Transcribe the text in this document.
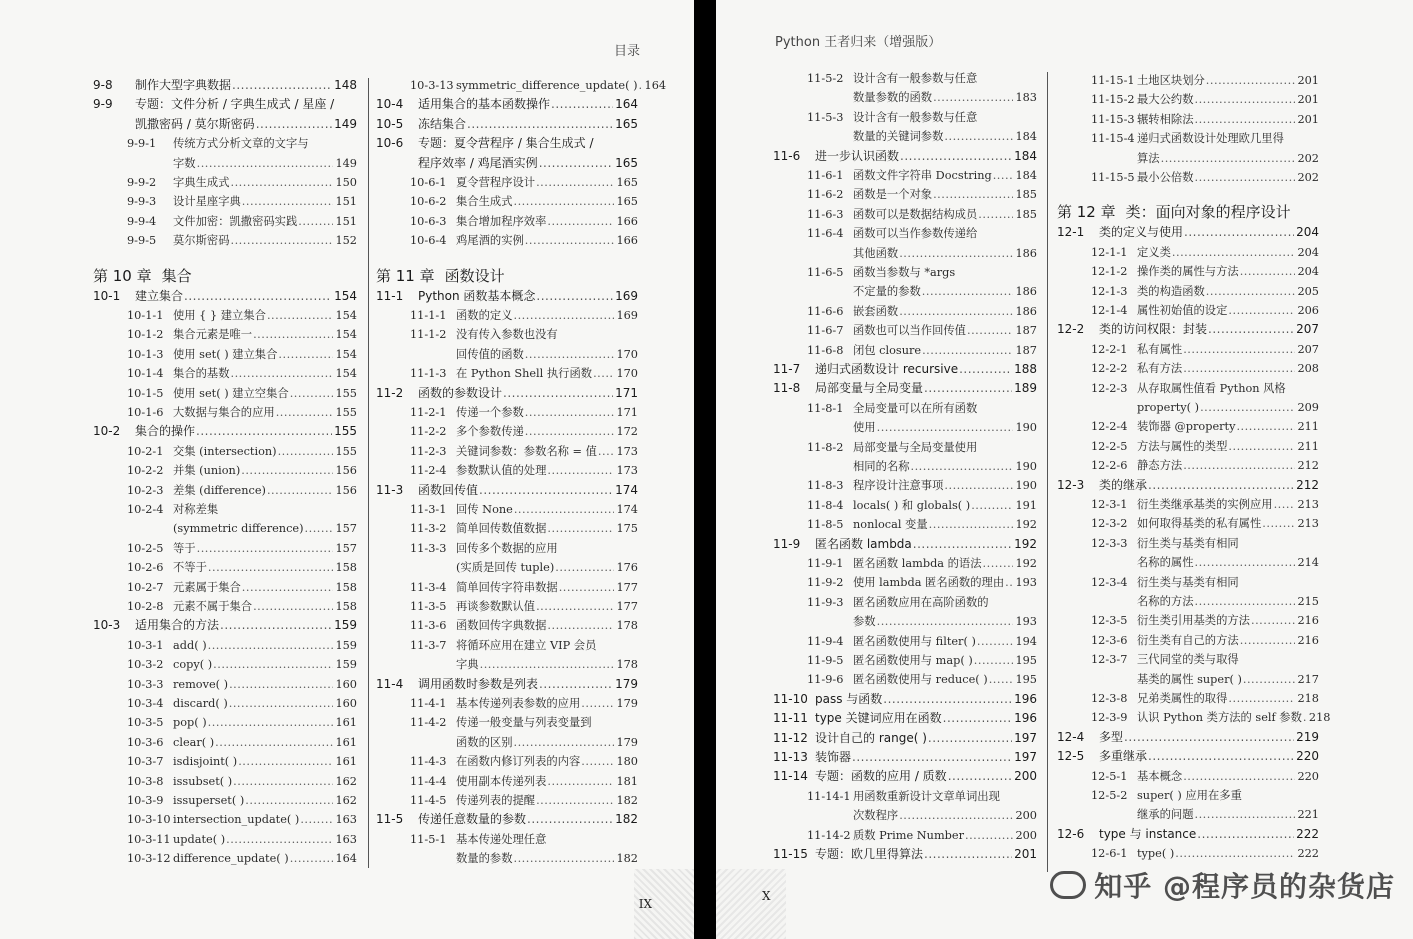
目录
9-8	制作大型字典数据 .....	148
9-9	专题：文件分析 / 字典生成式 / 星座 /
凯撒密码 / 莫尔斯密码 .....	149
9-9-1	传统方式分析文章的文字与
字数 .....	149
9-9-2	字典生成式 .....	150
9-9-3	设计星座字典 .....	151
9-9-4	文件加密：凯撒密码实践 .....	151
9-9-5	莫尔斯密码 .....	152
第 10 章 集合
10-1	建立集合 .....	154
10-1-1 使用 { } 建立集合 .....	154
10-1-2 集合元素是唯一 .....	154
10-1-3 使用 set( ) 建立集合 .....	154
10-1-4 集合的基数 .....	154
10-1-5 使用 set( ) 建立空集合 .....	155
10-1-6 大数据与集合的应用 .....	155
10-2	集合的操作 .....	155
10-2-1 交集 (intersection) .....	155
10-2-2 并集 (union) .....	156
10-2-3 差集 (difference) .....	156
10-2-4 对称差集
(symmetric difference) .....	157
10-2-5 等于 .....	157
10-2-6 不等于 .....	158
10-2-7 元素属于集合 .....	158
10-2-8 元素不属于集合 .....	158
10-3	适用集合的方法 .....	159
10-3-1 add( ) .....	159
10-3-2 copy( ) .....	159
10-3-3 remove( ) .....	160
10-3-4 discard( ) .....	160
10-3-5 pop( ) .....	161
10-3-6 clear( ) .....	161
10-3-7 isdisjoint( ) .....	161
10-3-8 issubset( ) .....	162
10-3-9 issuperset( ) .....	162
10-3-10 intersection_update( ) .....	163
10-3-11 update( ) .....	163
10-3-12 difference_update( ) .....	164
10-3-13 symmetric_difference_update( ) ..... 164
10-4	适用集合的基本函数操作 .....	164
10-5	冻结集合 .....	165
10-6	专题：夏令营程序 / 集合生成式 /
程序效率 / 鸡尾酒实例 .....	165
10-6-1 夏令营程序设计 .....	165
10-6-2 集合生成式 .....	165
10-6-3 集合增加程序效率 .....	166
10-6-4 鸡尾酒的实例 .....	166
第 11 章 函数设计
11-1	Python 函数基本概念 .....	169
11-1-1 函数的定义 .....	169
11-1-2 没有传入参数也没有
回传值的函数 .....	170
11-1-3 在 Python Shell 执行函数 ..... 170
11-2	函数的参数设计 .....	171
11-2-1 传递一个参数 .....	171
11-2-2 多个参数传递 .....	172
11-2-3 关键词参数：参数名称 = 值 ..... 173
11-2-4 参数默认值的处理 .....	173
11-3	函数回传值 .....	174
11-3-1 回传 None .....	174
11-3-2 简单回传数值数据 .....	175
11-3-3 回传多个数据的应用
(实质是回传 tuple) .....	176
11-3-4 简单回传字符串数据 .....	177
11-3-5 再谈参数默认值 .....	177
11-3-6 函数回传字典数据 .....	178
11-3-7 将循环应用在建立 VIP 会员
字典 .....	178
11-4	调用函数时参数是列表 .....	179
11-4-1 基本传递列表参数的应用 .....	179
11-4-2 传递一般变量与列表变量到
函数的区别 .....	179
11-4-3 在函数内修订列表的内容 .....	180
11-4-4 使用副本传递列表 .....	181
11-4-5 传递列表的提醒 .....	182
11-5	传递任意数量的参数 .....	182
11-5-1 基本传递处理任意
数量的参数 .....	182
IX
Python 王者归来（增强版）
11-5-2 设计含有一般参数与任意
数量参数的函数 .....	183
11-5-3 设计含有一般参数与任意
数量的关键词参数 .....	184
11-6	进一步认识函数 .....	184
11-6-1 函数文件字符串 Docstring ..... 184
11-6-2 函数是一个对象 .....	185
11-6-3 函数可以是数据结构成员 .....	185
11-6-4 函数可以当作参数传递给
其他函数 .....	186
11-6-5 函数当参数与 *args
不定量的参数 .....	186
11-6-6 嵌套函数 .....	186
11-6-7 函数也可以当作回传值 .....	187
11-6-8 闭包 closure .....	187
11-7	递归式函数设计 recursive .....	188
11-8	局部变量与全局变量 .....	189
11-8-1 全局变量可以在所有函数
使用 .....	190
11-8-2 局部变量与全局变量使用
相同的名称 .....	190
11-8-3 程序设计注意事项 .....	190
11-8-4 locals( ) 和 globals( ) .....	191
11-8-5 nonlocal 变量 .....	192
11-9	匿名函数 lambda .....	192
11-9-1 匿名函数 lambda 的语法 .....	192
11-9-2 使用 lambda 匿名函数的理由 ..... 193
11-9-3 匿名函数应用在高阶函数的
参数 .....	193
11-9-4 匿名函数使用与 filter( ) .....	194
11-9-5 匿名函数使用与 map( ) .....	195
11-9-6 匿名函数使用与 reduce( ) ..... 195
11-10 pass 与函数 .....	196
11-11 type 关键词应用在函数 .....	196
11-12 设计自己的 range( ) .....	197
11-13 装饰器 .....	197
11-14 专题：函数的应用 / 质数 .....	200
11-14-1 用函数重新设计文章单词出现
次数程序 .....	200
11-14-2 质数 Prime Number .....	200
11-15 专题：欧几里得算法 .....	201
11-15-1 土地区块划分 .....	201
11-15-2 最大公约数 .....	201
11-15-3 辗转相除法 .....	201
11-15-4 递归式函数设计处理欧几里得
算法 .....	202
11-15-5 最小公倍数 .....	202
第 12 章 类：面向对象的程序设计
12-1	类的定义与使用 .....	204
12-1-1 定义类 .....	204
12-1-2 操作类的属性与方法 .....	204
12-1-3 类的构造函数 .....	205
12-1-4 属性初始值的设定 .....	206
12-2	类的访问权限：封装 .....	207
12-2-1 私有属性 .....	207
12-2-2 私有方法 .....	208
12-2-3 从存取属性值看 Python 风格
property( ) .....	209
12-2-4 装饰器 @property .....	211
12-2-5 方法与属性的类型 .....	211
12-2-6 静态方法 .....	212
12-3	类的继承 .....	212
12-3-1 衍生类继承基类的实例应用 ..... 213
12-3-2 如何取得基类的私有属性 .....	213
12-3-3 衍生类与基类有相同
名称的属性 .....	214
12-3-4 衍生类与基类有相同
名称的方法 .....	215
12-3-5 衍生类引用基类的方法 .....	216
12-3-6 衍生类有自己的方法 .....	216
12-3-7 三代同堂的类与取得
基类的属性 super( ) .....	217
12-3-8 兄弟类属性的取得 .....	218
12-3-9 认识 Python 类方法的 self 参数 ..... 218
12-4	多型 .....	219
12-5	多重继承 .....	220
12-5-1 基本概念 .....	220
12-5-2 super( ) 应用在多重
继承的问题 .....	221
12-6	type 与 instance .....	222
12-6-1 type( ) .....	222
X	知乎 @程序员的杂货店
